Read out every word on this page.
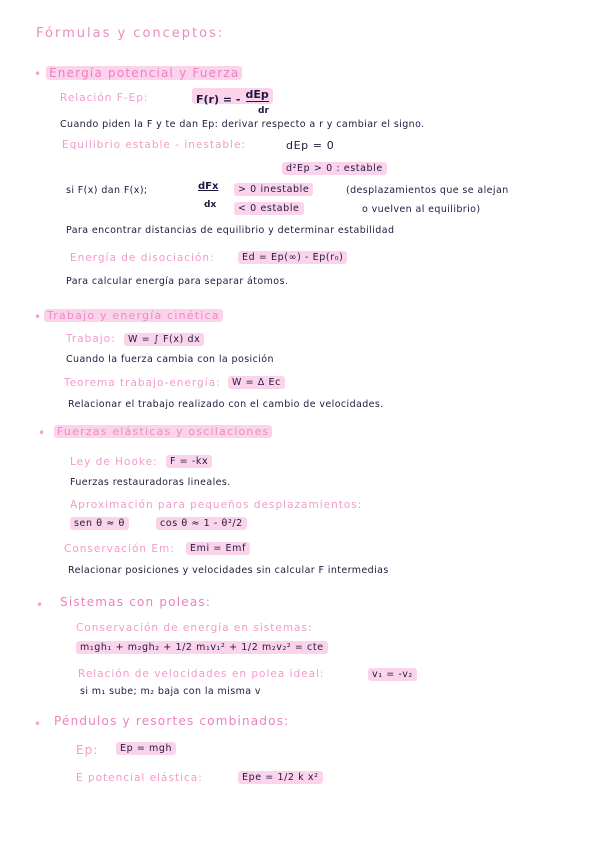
Fórmulas y conceptos:
• Energía potencial y Fuerza
Relación F-Ep:	F(r) = - dEp
dr
Cuando piden la F y te dan Ep: derivar respecto a r y cambiar el signo.
Equilibrio estable - inestable:	dEp = 0
d²Ep > 0 : estable
si F(x) dan F(x);	dFx
dx
> 0 inestable
< 0 estable
(desplazamientos que se alejan
o vuelven al equilibrio)
Para encontrar distancias de equilibrio y determinar estabilidad
Energía de disociación:	Ed = Ep(∞) - Ep(r₀)
Para calcular energía para separar átomos.
• Trabajo y energía cinética
Trabajo:	W = ∫ F(x) dx
Cuando la fuerza cambia con la posición
Teorema trabajo-energía:	W = Δ Ec
Relacionar el trabajo realizado con el cambio de velocidades.
• Fuerzas elásticas y oscilaciones
Ley de Hooke:	F = -kx
Fuerzas restauradoras lineales.
Aproximación para pequeños desplazamientos:
sen θ ≈ θ	cos θ ≈ 1 - θ²/2
Conservación Em:	Emi = Emf
Relacionar posiciones y velocidades sin calcular F intermedias
• Sistemas con poleas:
Conservación de energía en sistemas:
m₁gh₁ + m₂gh₂ + 1/2 m₁v₁² + 1/2 m₂v₂² = cte
Relación de velocidades en polea ideal:	v₁ = -v₂
si m₁ sube; m₂ baja con la misma v
• Péndulos y resortes combinados:
Ep:	Ep = mgh
E potencial elástica:	Epe = 1/2 k x²
